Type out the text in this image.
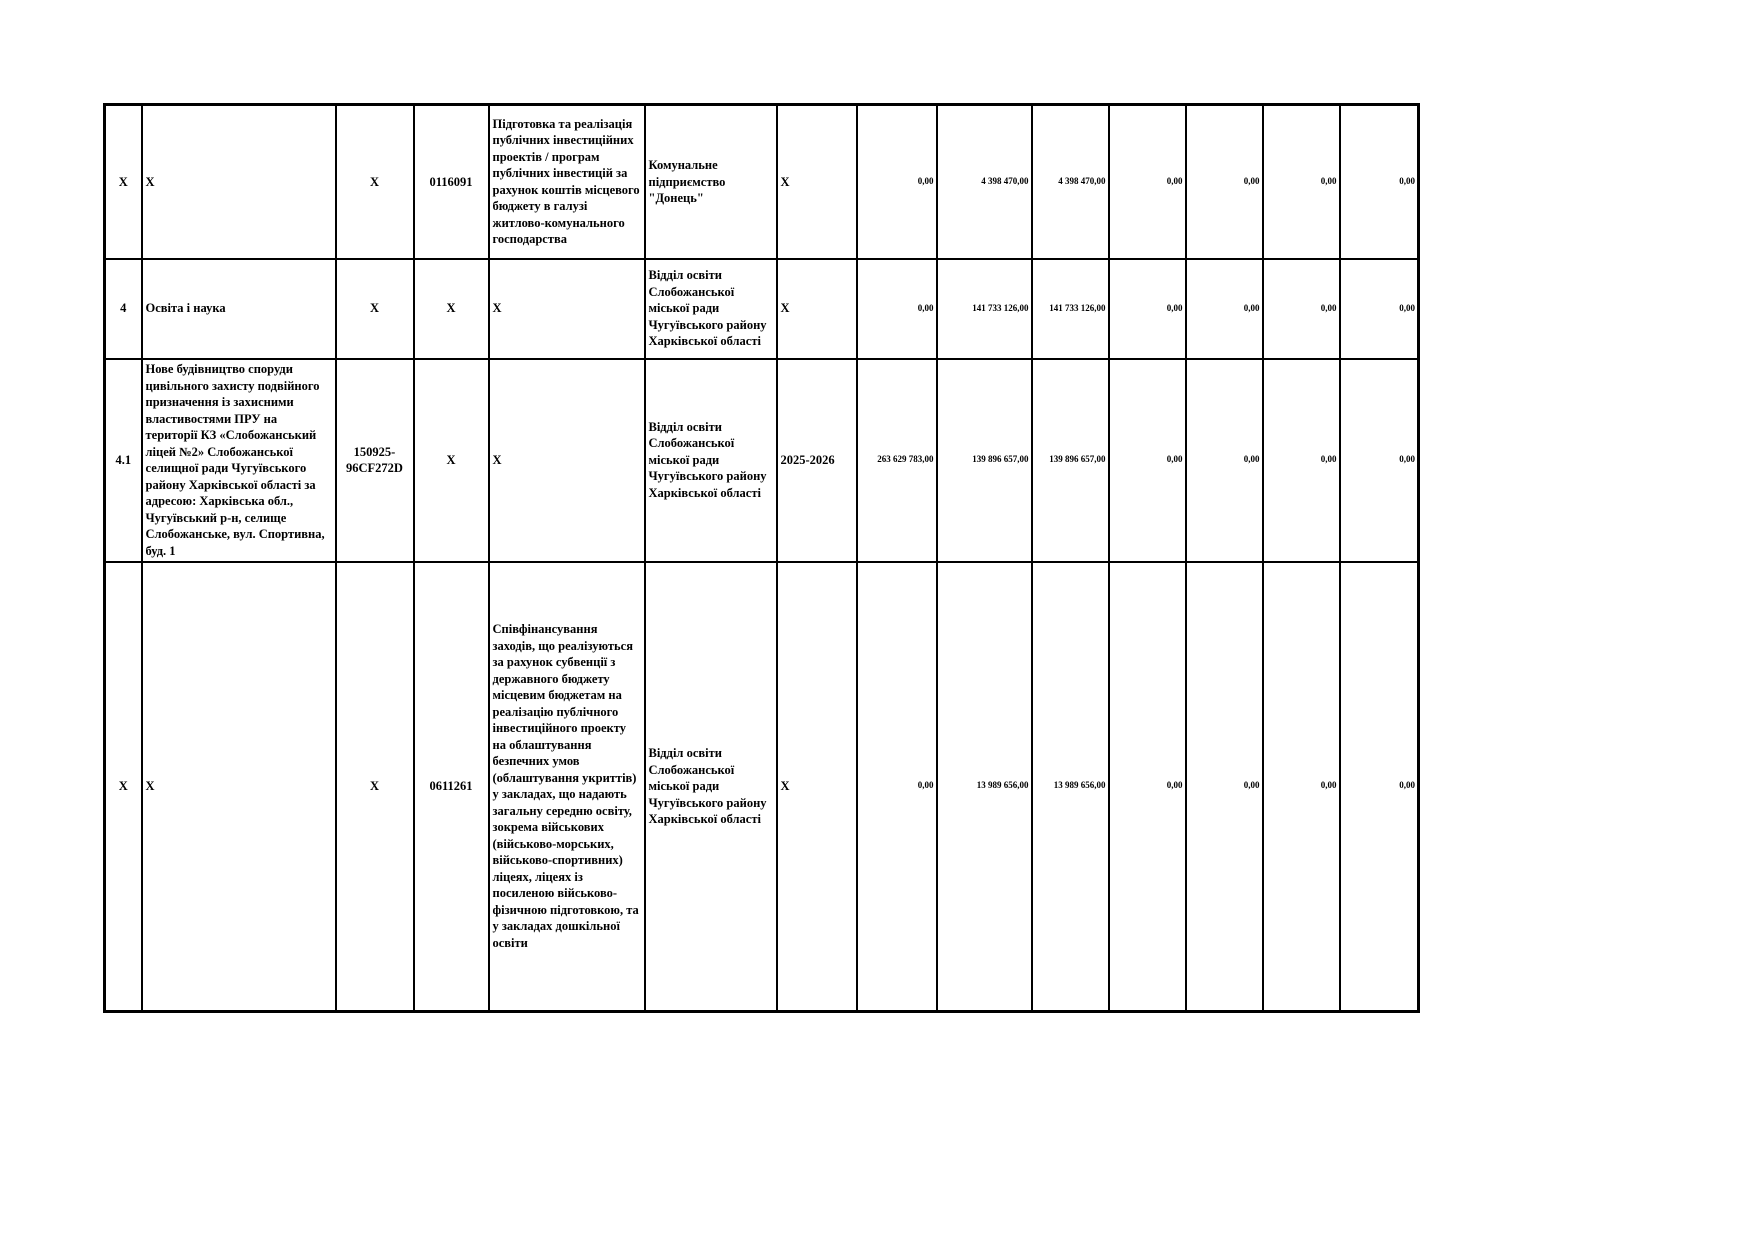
X	X	X	0116091	Підготовка та реалізація публічних інвестиційних проектів / програм публічних інвестицій за рахунок коштів місцевого бюджету в галузі житлово-комунального господарства	Комунальне підприємство "Донець"	X	0,00	4 398 470,00	4 398 470,00	0,00	0,00	0,00	0,00
4	Освіта і наука	X	X	X	Відділ освіти Слобожанської міської ради Чугуївського району Харківської області	X	0,00	141 733 126,00	141 733 126,00	0,00	0,00	0,00	0,00
4.1	Нове будівництво споруди цивільного захисту подвійного призначення із захисними властивостями ПРУ на території КЗ «Слобожанський ліцей №2» Слобожанської селищної ради Чугуївського району Харківської області за адресою: Харківська обл., Чугуївський р-н, селище Слобожанське, вул. Спортивна, буд. 1	150925-96CF272D	X	X	Відділ освіти Слобожанської міської ради Чугуївського району Харківської області	2025-2026	263 629 783,00	139 896 657,00	139 896 657,00	0,00	0,00	0,00	0,00
X	X	X	0611261	Співфінансування заходів, що реалізуються за рахунок субвенції з державного бюджету місцевим бюджетам на реалізацію публічного інвестиційного проекту на облаштування безпечних умов (облаштування укриттів) у закладах, що надають загальну середню освіту, зокрема військових (військово-морських, військово-спортивних) ліцеях, ліцеях із посиленою військово-фізичною підготовкою, та у закладах дошкільної освіти	Відділ освіти Слобожанської міської ради Чугуївського району Харківської області	X	0,00	13 989 656,00	13 989 656,00	0,00	0,00	0,00	0,00
